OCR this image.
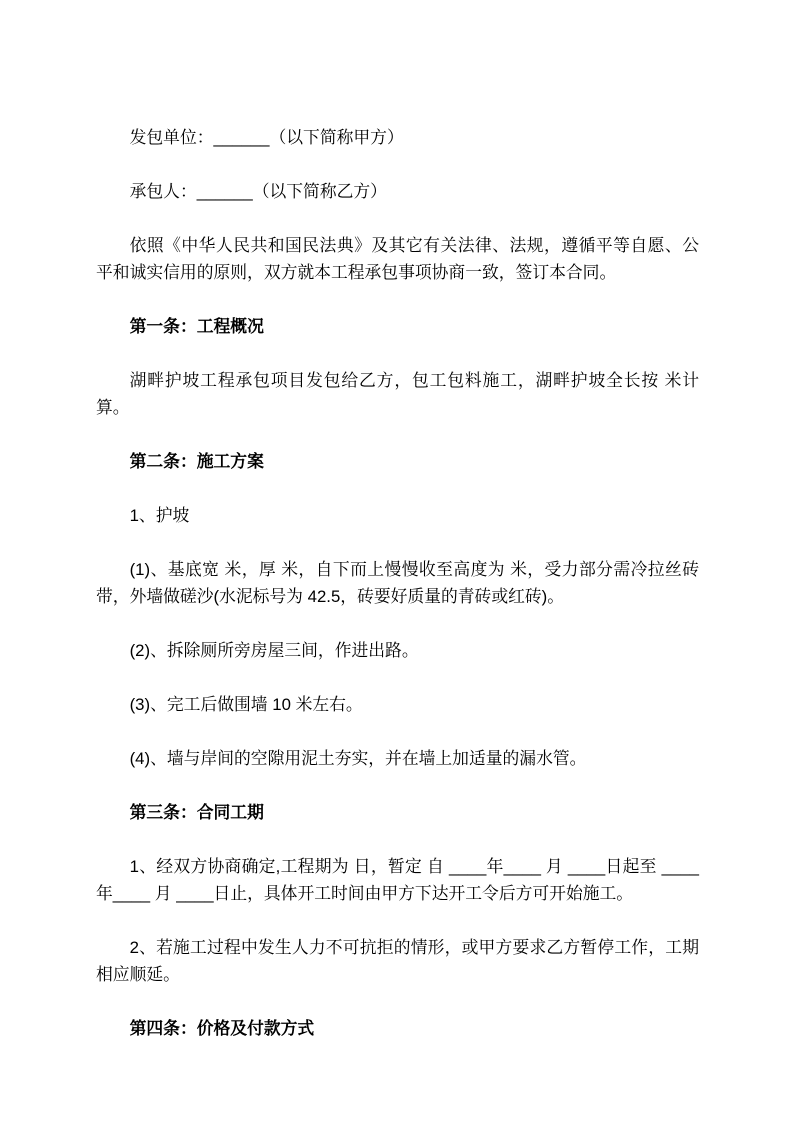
发包单位：______（以下简称甲方）

承包人：______（以下简称乙方）

依照《中华人民共和国民法典》及其它有关法律、法规，遵循平等自愿、公平和诚实信用的原则，双方就本工程承包事项协商一致，签订本合同。

第一条：工程概况

湖畔护坡工程承包项目发包给乙方，包工包料施工，湖畔护坡全长按 米计算。

第二条：施工方案

1、护坡

(1)、基底宽 米，厚 米，自下而上慢慢收至高度为 米，受力部分需冷拉丝砖带，外墙做磋沙(水泥标号为 42.5，砖要好质量的青砖或红砖)。

(2)、拆除厕所旁房屋三间，作进出路。

(3)、完工后做围墙 10 米左右。

(4)、墙与岸间的空隙用泥土夯实，并在墙上加适量的漏水管。

第三条：合同工期

1、经双方协商确定,工程期为 日，暂定 自 ____年____ 月 ____日起至 ____年____ 月 ____日止，具体开工时间由甲方下达开工令后方可开始施工。

2、若施工过程中发生人力不可抗拒的情形，或甲方要求乙方暂停工作，工期相应顺延。

第四条：价格及付款方式
